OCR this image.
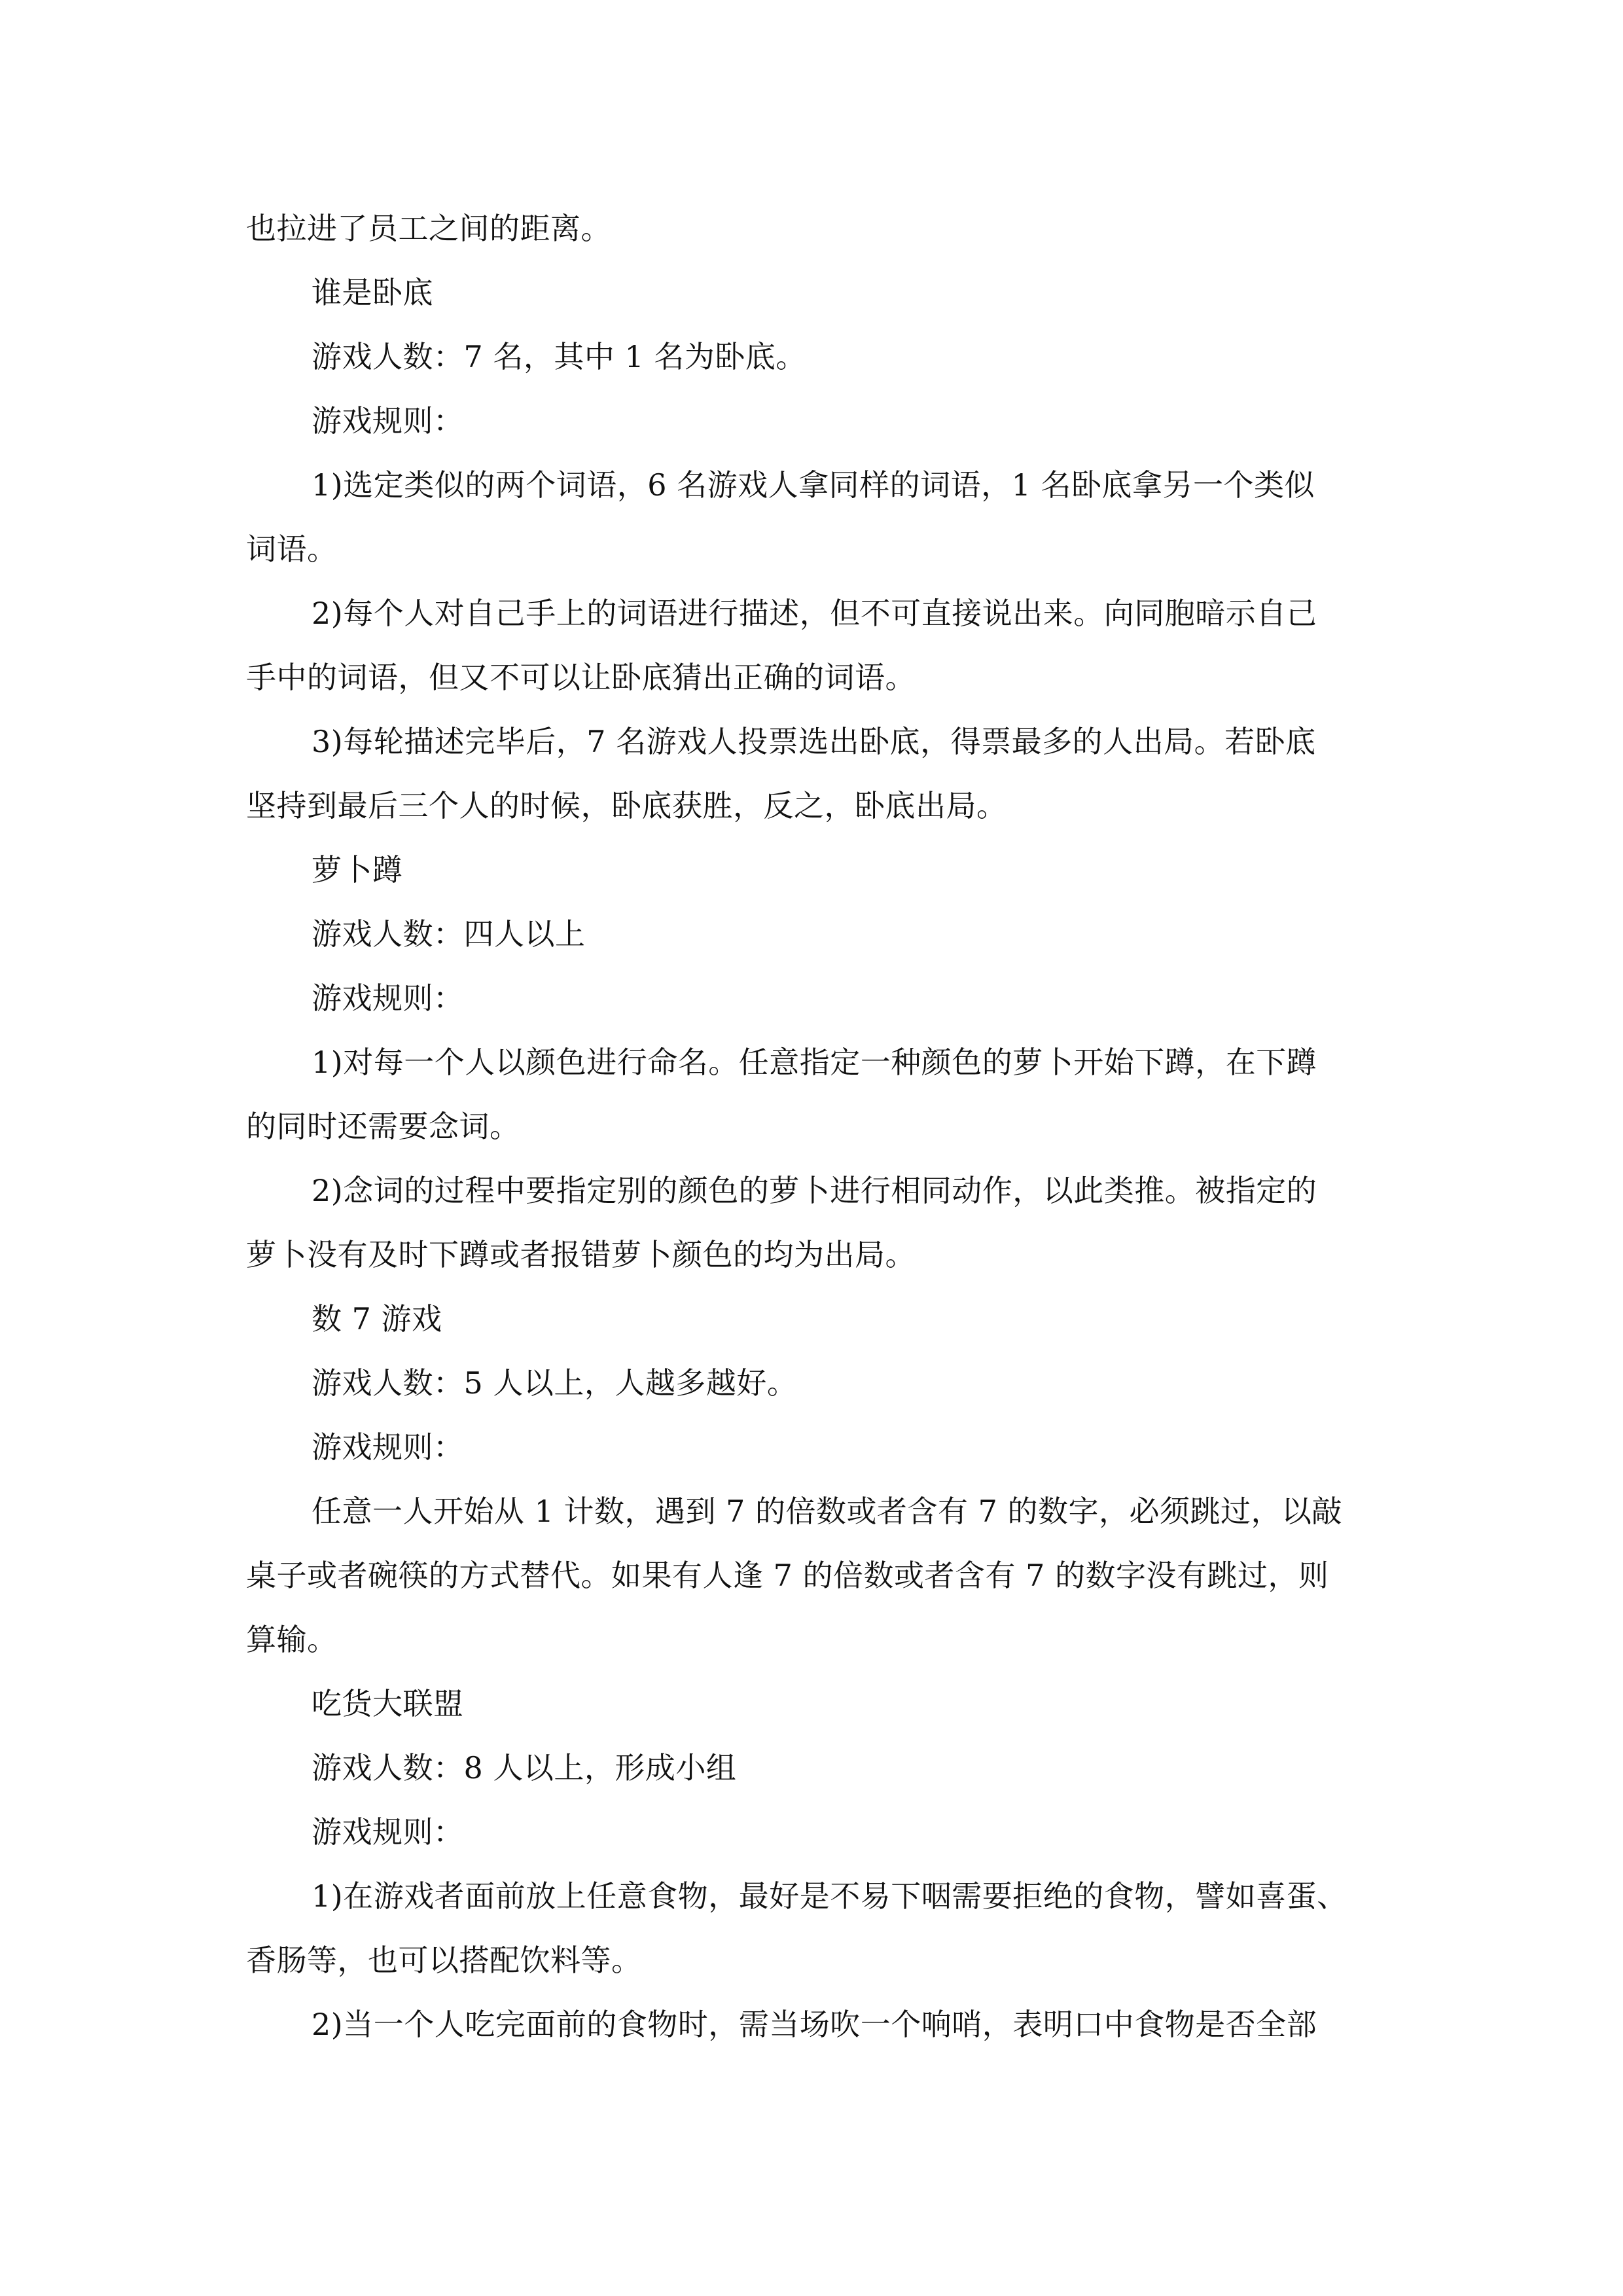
也拉进了员工之间的距离。
谁是卧底
游戏人数：7 名，其中 1 名为卧底。
游戏规则：
1)选定类似的两个词语，6 名游戏人拿同样的词语，1 名卧底拿另一个类似
词语。
2)每个人对自己手上的词语进行描述，但不可直接说出来。向同胞暗示自己
手中的词语，但又不可以让卧底猜出正确的词语。
3)每轮描述完毕后，7 名游戏人投票选出卧底，得票最多的人出局。若卧底
坚持到最后三个人的时候，卧底获胜，反之，卧底出局。
萝卜蹲
游戏人数：四人以上
游戏规则：
1)对每一个人以颜色进行命名。任意指定一种颜色的萝卜开始下蹲，在下蹲
的同时还需要念词。
2)念词的过程中要指定别的颜色的萝卜进行相同动作，以此类推。被指定的
萝卜没有及时下蹲或者报错萝卜颜色的均为出局。
数 7 游戏
游戏人数：5 人以上，人越多越好。
游戏规则：
任意一人开始从 1 计数，遇到 7 的倍数或者含有 7 的数字，必须跳过，以敲
桌子或者碗筷的方式替代。如果有人逢 7 的倍数或者含有 7 的数字没有跳过，则
算输。
吃货大联盟
游戏人数：8 人以上，形成小组
游戏规则：
1)在游戏者面前放上任意食物，最好是不易下咽需要拒绝的食物，譬如喜蛋、
香肠等，也可以搭配饮料等。
2)当一个人吃完面前的食物时，需当场吹一个响哨，表明口中食物是否全部
